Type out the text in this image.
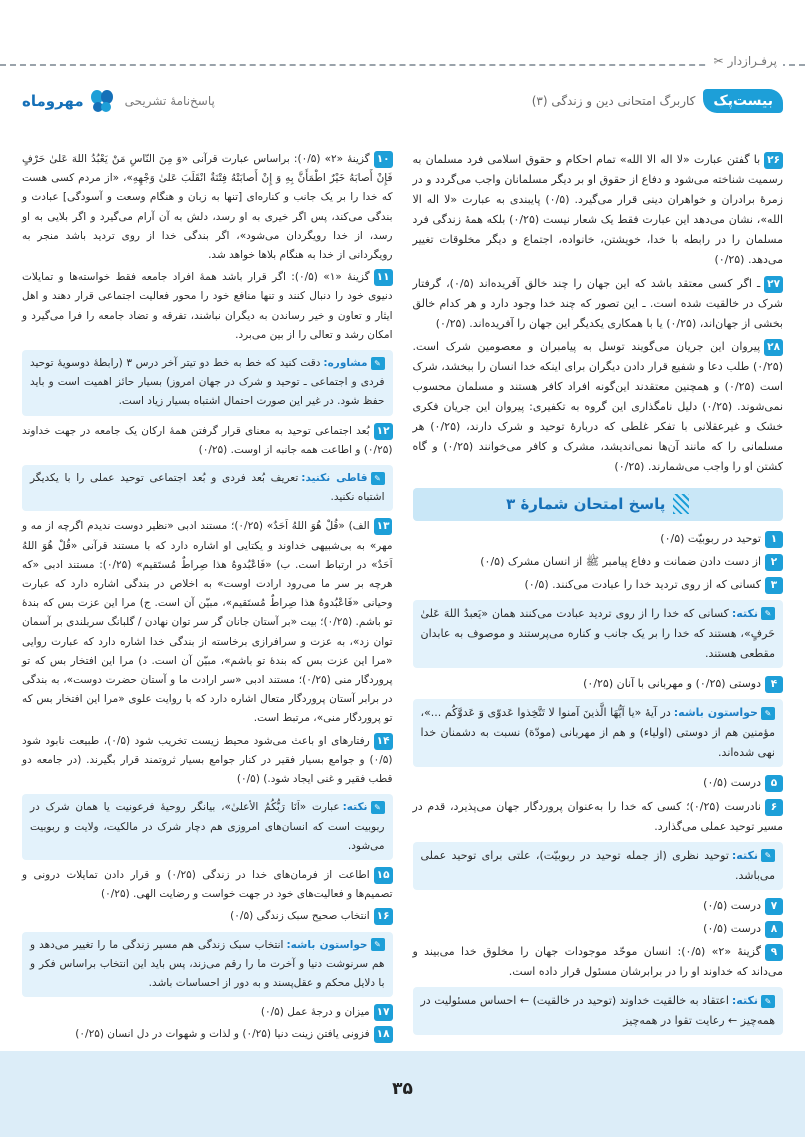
پرفـراز‌دار
✂
بیست‌پک
کاربرگ امتحانی دین و زندگی (۳)
پاسخ‌نامهٔ تشریحی
مهروماه
۲۶با گفتن عبارت «لا اله الا الله» تمام احکام و حقوق اسلامی فرد مسلمان به رسمیت شناخته می‌شود و دفاع از حقوق او بر دیگر مسلمانان واجب می‌گردد و در زمرهٔ برادران و خواهران دینی قرار می‌گیرد. (۰/۵) پایبندی به عبارت «لا اله الا الله»، نشان می‌دهد این عبارت فقط یک شعار نیست (۰/۲۵) بلکه همهٔ زندگی فرد مسلمان را در رابطه با خدا، خویشتن، خانواده، اجتماع و دیگر مخلوقات تغییر می‌دهد. (۰/۲۵)
۲۷ـ اگر کسی معتقد باشد که این جهان را چند خالق آفریده‌اند (۰/۵)، گرفتار شرک در خالقیت شده است. ـ این تصور که چند خدا وجود دارد و هر کدام خالق بخشی از جهان‌اند، (۰/۲۵) یا با همکاری یکدیگر این جهان را آفریده‌اند. (۰/۲۵)
۲۸پیروان این جریان می‌گویند توسل به پیامبران و معصومین شرک است. (۰/۲۵) طلب دعا و شفیع قرار دادن دیگران برای اینکه خدا انسان را ببخشد، شرک است (۰/۲۵) و همچنین معتقدند این‌گونه افراد کافر هستند و مسلمان محسوب نمی‌شوند. (۰/۲۵) دلیل نامگذاری این گروه به تکفیری: پیروان این جریان فکری خشک و غیرعقلانی با تفکر غلطی که دربارهٔ توحید و شرک دارند، (۰/۲۵) هر مسلمانی را که مانند آن‌ها نمی‌اندیشد، مشرک و کافر می‌خوانند (۰/۲۵) و گاه کشتن او را واجب می‌شمارند. (۰/۲۵)
پاسخ امتحان شمارهٔ ۳
۱توحید در ربوبیّت (۰/۵)
۲از دست دادن ضمانت و دفاع پیامبر ﷺ از انسان مشرک (۰/۵)
۳کسانی که از روی تردید خدا را عبادت می‌کنند. (۰/۵)
✎نکته:کسانی که خدا را از روی تردید عبادت می‌کنند همان «یَعبدُ اللهَ عَلیٰ حَرفٍ»، هستند که خدا را بر یک جانب و کناره می‌پرستند و موصوف به عابدان مقطعی هستند.
۴دوستی (۰/۲۵) و مهربانی با آنان (۰/۲۵)
✎حواستون باشه:در آیهٔ «یا اَیُّهَا الَّذینَ آمنوا لا تَتَّخِذوا عَدوّی وَ عَدوَّکُم ...»، مؤمنین هم از دوستی (اولیاء) و هم از مهربانی (مودّة) نسبت به دشمنان خدا نهی شده‌اند.
۵درست (۰/۵)
۶نادرست (۰/۲۵)؛ کسی که خدا را به‌عنوان پروردگار جهان می‌پذیرد، قدم در مسیر توحید عملی می‌گذارد.
✎نکته:توحید نظری (از جمله توحید در ربوبیّت)، علتی برای توحید عملی می‌باشد.
۷درست (۰/۵)
۸درست (۰/۵)
۹گزینهٔ «۲» (۰/۵): انسان موحّد موجودات جهان را مخلوق خدا می‌بیند و می‌داند که خداوند او را در برابرشان مسئول قرار داده است.
✎نکته:اعتقاد به خالقیت خداوند (توحید در خالقیت) ← احساس مسئولیت در همه‌چیز ← رعایت تقوا در همه‌چیز
۱۰گزینهٔ «۲» (۰/۵): براساس عبارت قرآنی «وَ مِنَ النّاسِ مَنْ یَعْبُدُ اللهَ عَلیٰ حَرْفٍ فَإِنْ أَصابَهُ خَیْرٌ اطْمَأَنَّ بِهِ وَ إِنْ أَصابَتْهُ فِتْنَةٌ انْقَلَبَ عَلیٰ وَجْهِهِ»، «از مردم کسی هست که خدا را بر یک جانب و کناره‌ای [تنها به زبان و هنگام وسعت و آسودگی] عبادت و بندگی می‌کند، پس اگر خیری به او رسد، دلش به آن آرام می‌گیرد و اگر بلایی به او رسد، از خدا رویگردان می‌شود»، اگر بندگی خدا از روی تردید باشد منجر به رویگردانی از خدا به هنگام بلاها خواهد شد.
۱۱گزینهٔ «۱» (۰/۵): اگر قرار باشد همهٔ افراد جامعه فقط خواسته‌ها و تمایلات دنیوی خود را دنبال کنند و تنها منافع خود را محور فعالیت اجتماعی قرار دهند و اهل ایثار و تعاون و خیر رساندن به دیگران نباشند، تفرقه و تضاد جامعه را فرا می‌گیرد و امکان رشد و تعالی را از بین می‌برد.
✎مشاوره:دقت کنید که خط به خط دو تیتر آخر درس ۳ (رابطهٔ دوسویهٔ توحید فردی و اجتماعی ـ توحید و شرک در جهان امروز) بسیار حائز اهمیت است و باید حفظ شود. در غیر این صورت احتمال اشتباه بسیار زیاد است.
۱۲بُعد اجتماعی توحید به معنای قرار گرفتن همهٔ ارکان یک جامعه در جهت خداوند (۰/۲۵) و اطاعت همه جانبه از اوست. (۰/۲۵)
✎قاطی نکنید:تعریف بُعد فردی و بُعد اجتماعی توحید عملی را با یکدیگر اشتباه نکنید.
۱۳الف) «قُلْ هُوَ اللهُ اَحَدٌ» (۰/۲۵)؛ مستند ادبی «نظیر دوست ندیدم اگرچه از مه و مهر» به بی‌شبیهی خداوند و یکتایی او اشاره دارد که با مستند قرآنی «قُلْ هُوَ اللهُ اَحَدٌ» در ارتباط است. ب) «فَاعْبُدوهُ هذا صِراطٌ مُستَقیم» (۰/۲۵): مستند ادبی «که هرچه بر سر ما می‌رود ارادت اوست» به اخلاص در بندگی اشاره دارد که عبارت وحیانی «فَاعْبُدوهُ هذا صِراطٌ مُستَقیم»، مبیّن آن است. ج) مرا این عزت بس که بندهٔ تو باشم. (۰/۲۵)؛ بیت «بر آستان جانان گر سر توان نهادن / گلبانگ سربلندی بر آسمان توان زد»، به عزت و سرافرازی برخاسته از بندگی خدا اشاره دارد که عبارت روایی «مرا این عزت بس که بندهٔ تو باشم»، مبیّن آن است. د) مرا این افتخار بس که تو پروردگار منی (۰/۲۵)؛ مستند ادبی «سر ارادت ما و آستان حضرت دوست»، به بندگی در برابر آستان پروردگار متعال اشاره دارد که با روایت علوی «مرا این افتخار بس که تو پروردگار منی»، مرتبط است.
۱۴رفتارهای او باعث می‌شود محیط زیست تخریب شود (۰/۵)، طبیعت نابود شود (۰/۵) و جوامع بسیار فقیر در کنار جوامع بسیار ثروتمند قرار بگیرند. (در جامعه دو قطب فقیر و غنی ایجاد شود.) (۰/۵)
✎نکته:عبارت «اَنَا رَبُّکُمُ الأعلیٰ»، بیانگر روحیهٔ فرعونیت یا همان شرک در ربوبیت است که انسان‌های امروزی هم دچار شرک در مالکیت، ولایت و ربوبیت می‌شود.
۱۵اطاعت از فرمان‌های خدا در زندگی (۰/۲۵) و قرار دادن تمایلات درونی و تصمیم‌ها و فعالیت‌های خود در جهت خواست و رضایت الهی. (۰/۲۵)
۱۶انتخاب صحیح سبک زندگی (۰/۵)
✎حواستون باشه:انتخاب سبک زندگی هم مسیر زندگی ما را تغییر می‌دهد و هم سرنوشت دنیا و آخرت ما را رقم می‌زند، پس باید این انتخاب براساس فکر و با دلایل محکم و عقل‌پسند و به دور از احساسات باشد.
۱۷میزان و درجهٔ عمل (۰/۵)
۱۸فزونی یافتن زینت دنیا (۰/۲۵) و لذات و شهوات در دل انسان (۰/۲۵)
۳۵
